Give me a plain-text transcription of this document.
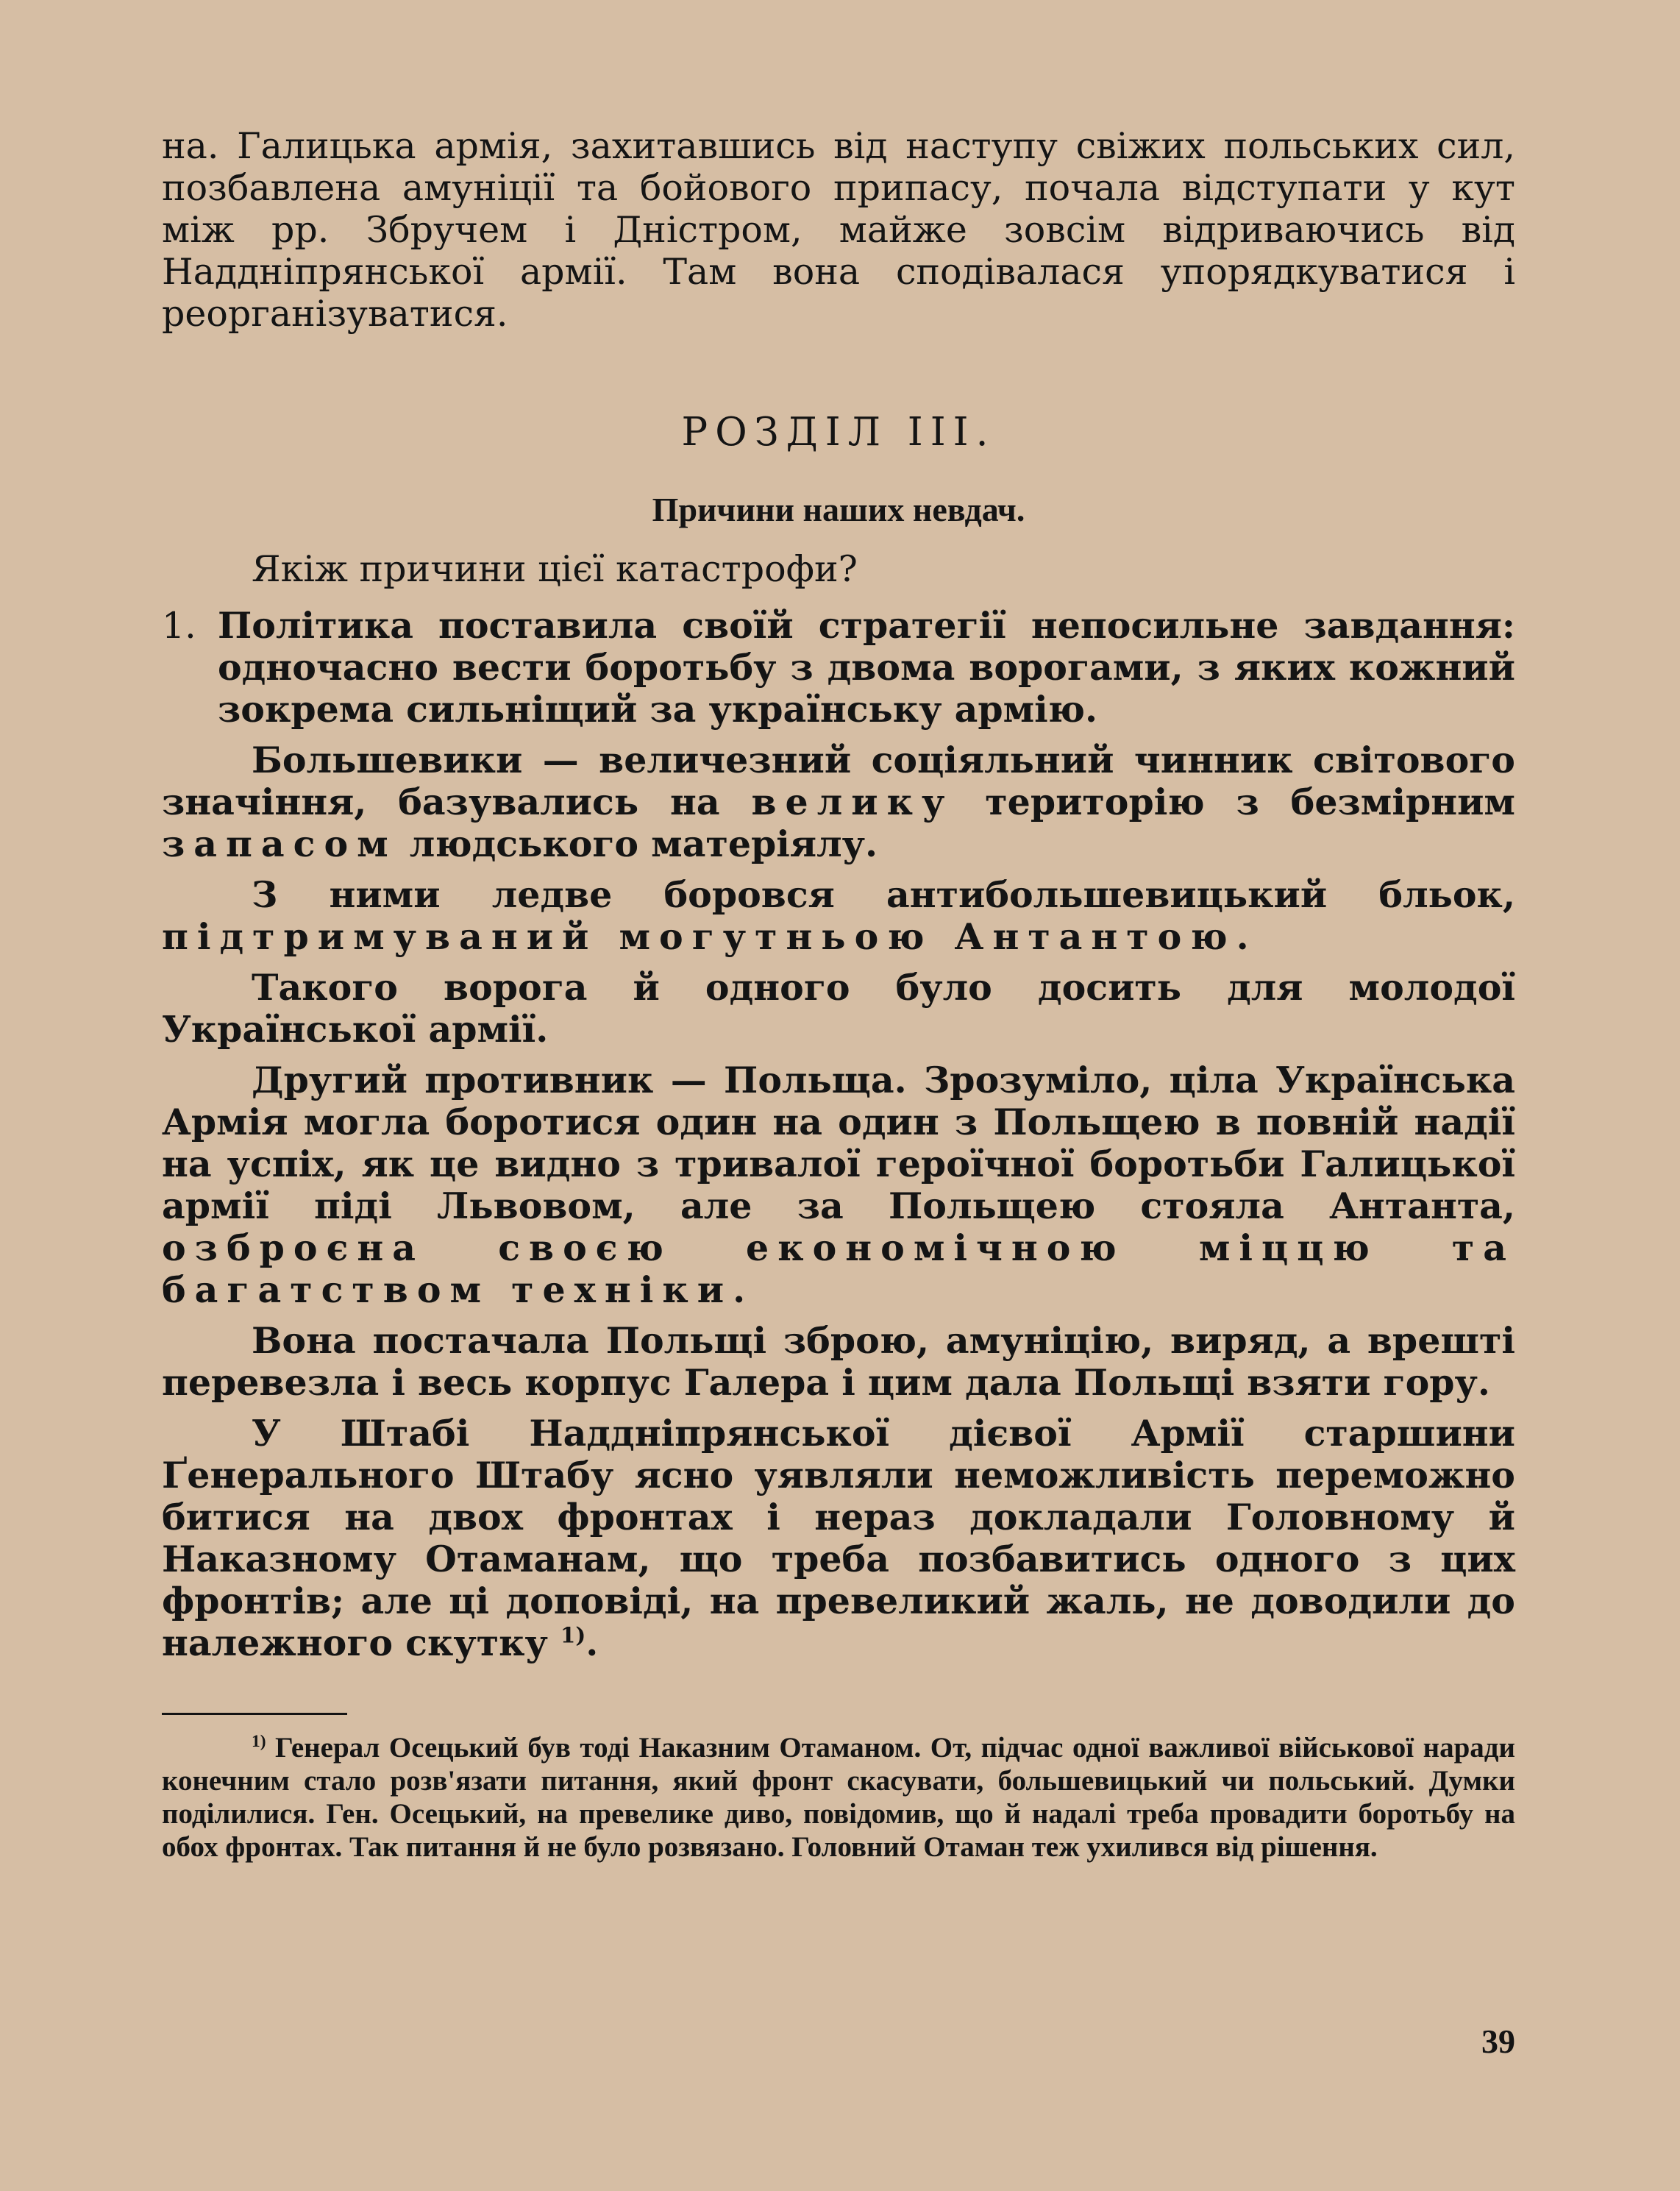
на. Галицька армія, захитавшись від наступу свіжих польських сил, позбавлена амуніції та бойового припасу, почала відступати у кут між рр. Збручем і Дністром, майже зовсім відриваючись від Наддніпрянської армії. Там вона сподівалася упорядкуватися і реорганізуватися.

РОЗДІЛ III.
Причини наших невдач.
Якіж причини цієї катастрофи?
1. Політика поставила своїй стратегії непосильне завдання: одночасно вести боротьбу з двома ворогами, з яких кожний зокрема сильніщий за українську армію.

Большевики — величезний соціяльний чинник світового значіння, базувались на велику територію з безмірним запасом людського матеріялу.

З ними ледве боровся антибольшевицький бльок, підтримуваний могутньою Антантою.

Такого ворога й одного було досить для молодої Української армії.

Другий противник — Польща. Зрозуміло, ціла Українська Армія могла боротися один на один з Польщею в повній надії на успіх, як це видно з тривалої героїчної боротьби Галицької армії піді Львовом, але за Польщею стояла Антанта, озброєна своєю економічною міццю та багатством техніки.

Вона постачала Польщі зброю, амуніцію, виряд, а врешті перевезла і весь корпус Галера і цим дала Польщі взяти гору.

У Штабі Наддніпрянської дієвої Армії старшини Ґенерального Штабу ясно уявляли неможливість переможно битися на двох фронтах і нераз докладали Головному й Наказному Отаманам, що треба позбавитись одного з цих фронтів; але ці доповіді, на превеликий жаль, не доводили до належного скутку $^{1)}$.

$^{1)}$ Генерал Осецький був тоді Наказним Отаманом. От, підчас одної важливої військової наради конечним стало розв'язати питання, який фронт скасувати, большевицький чи польський. Думки поділилися. Ген. Осецький, на превелике диво, повідомив, що й надалі треба провадити боротьбу на обох фронтах. Так питання й не було розвязано. Головний Отаман теж ухилився від рішення.

39
